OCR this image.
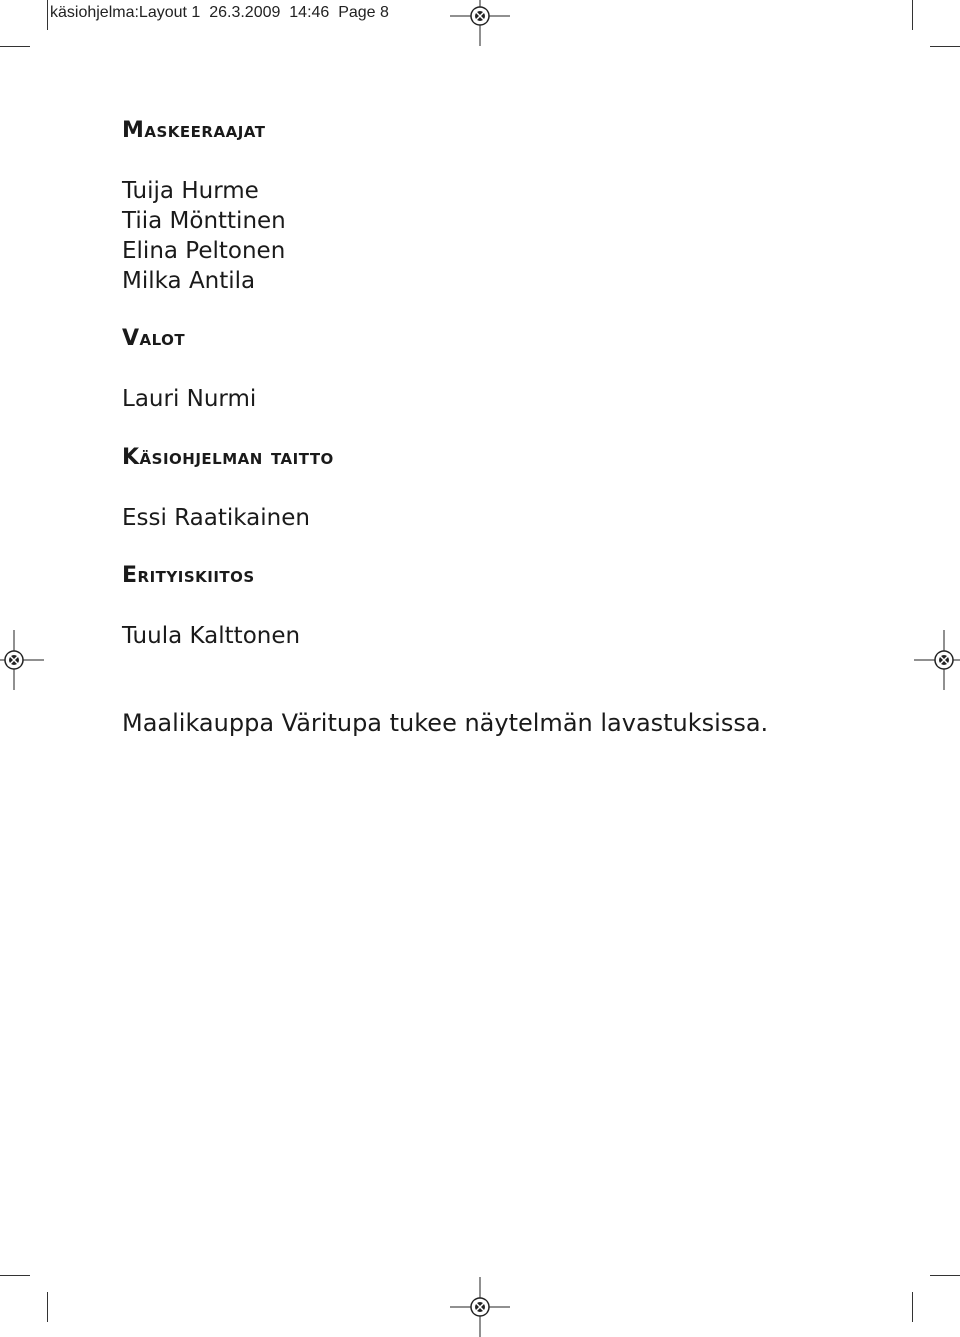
käsiohjelma:Layout 1  26.3.2009  14:46  Page 8
Maskeeraajat
Tuija Hurme
Tiia Mönttinen
Elina Peltonen
Milka Antila
Valot
Lauri Nurmi
Käsiohjelman taitto
Essi Raatikainen
Erityiskiitos
Tuula Kalttonen
Maalikauppa Väritupa tukee näytelmän lavastuksissa.
